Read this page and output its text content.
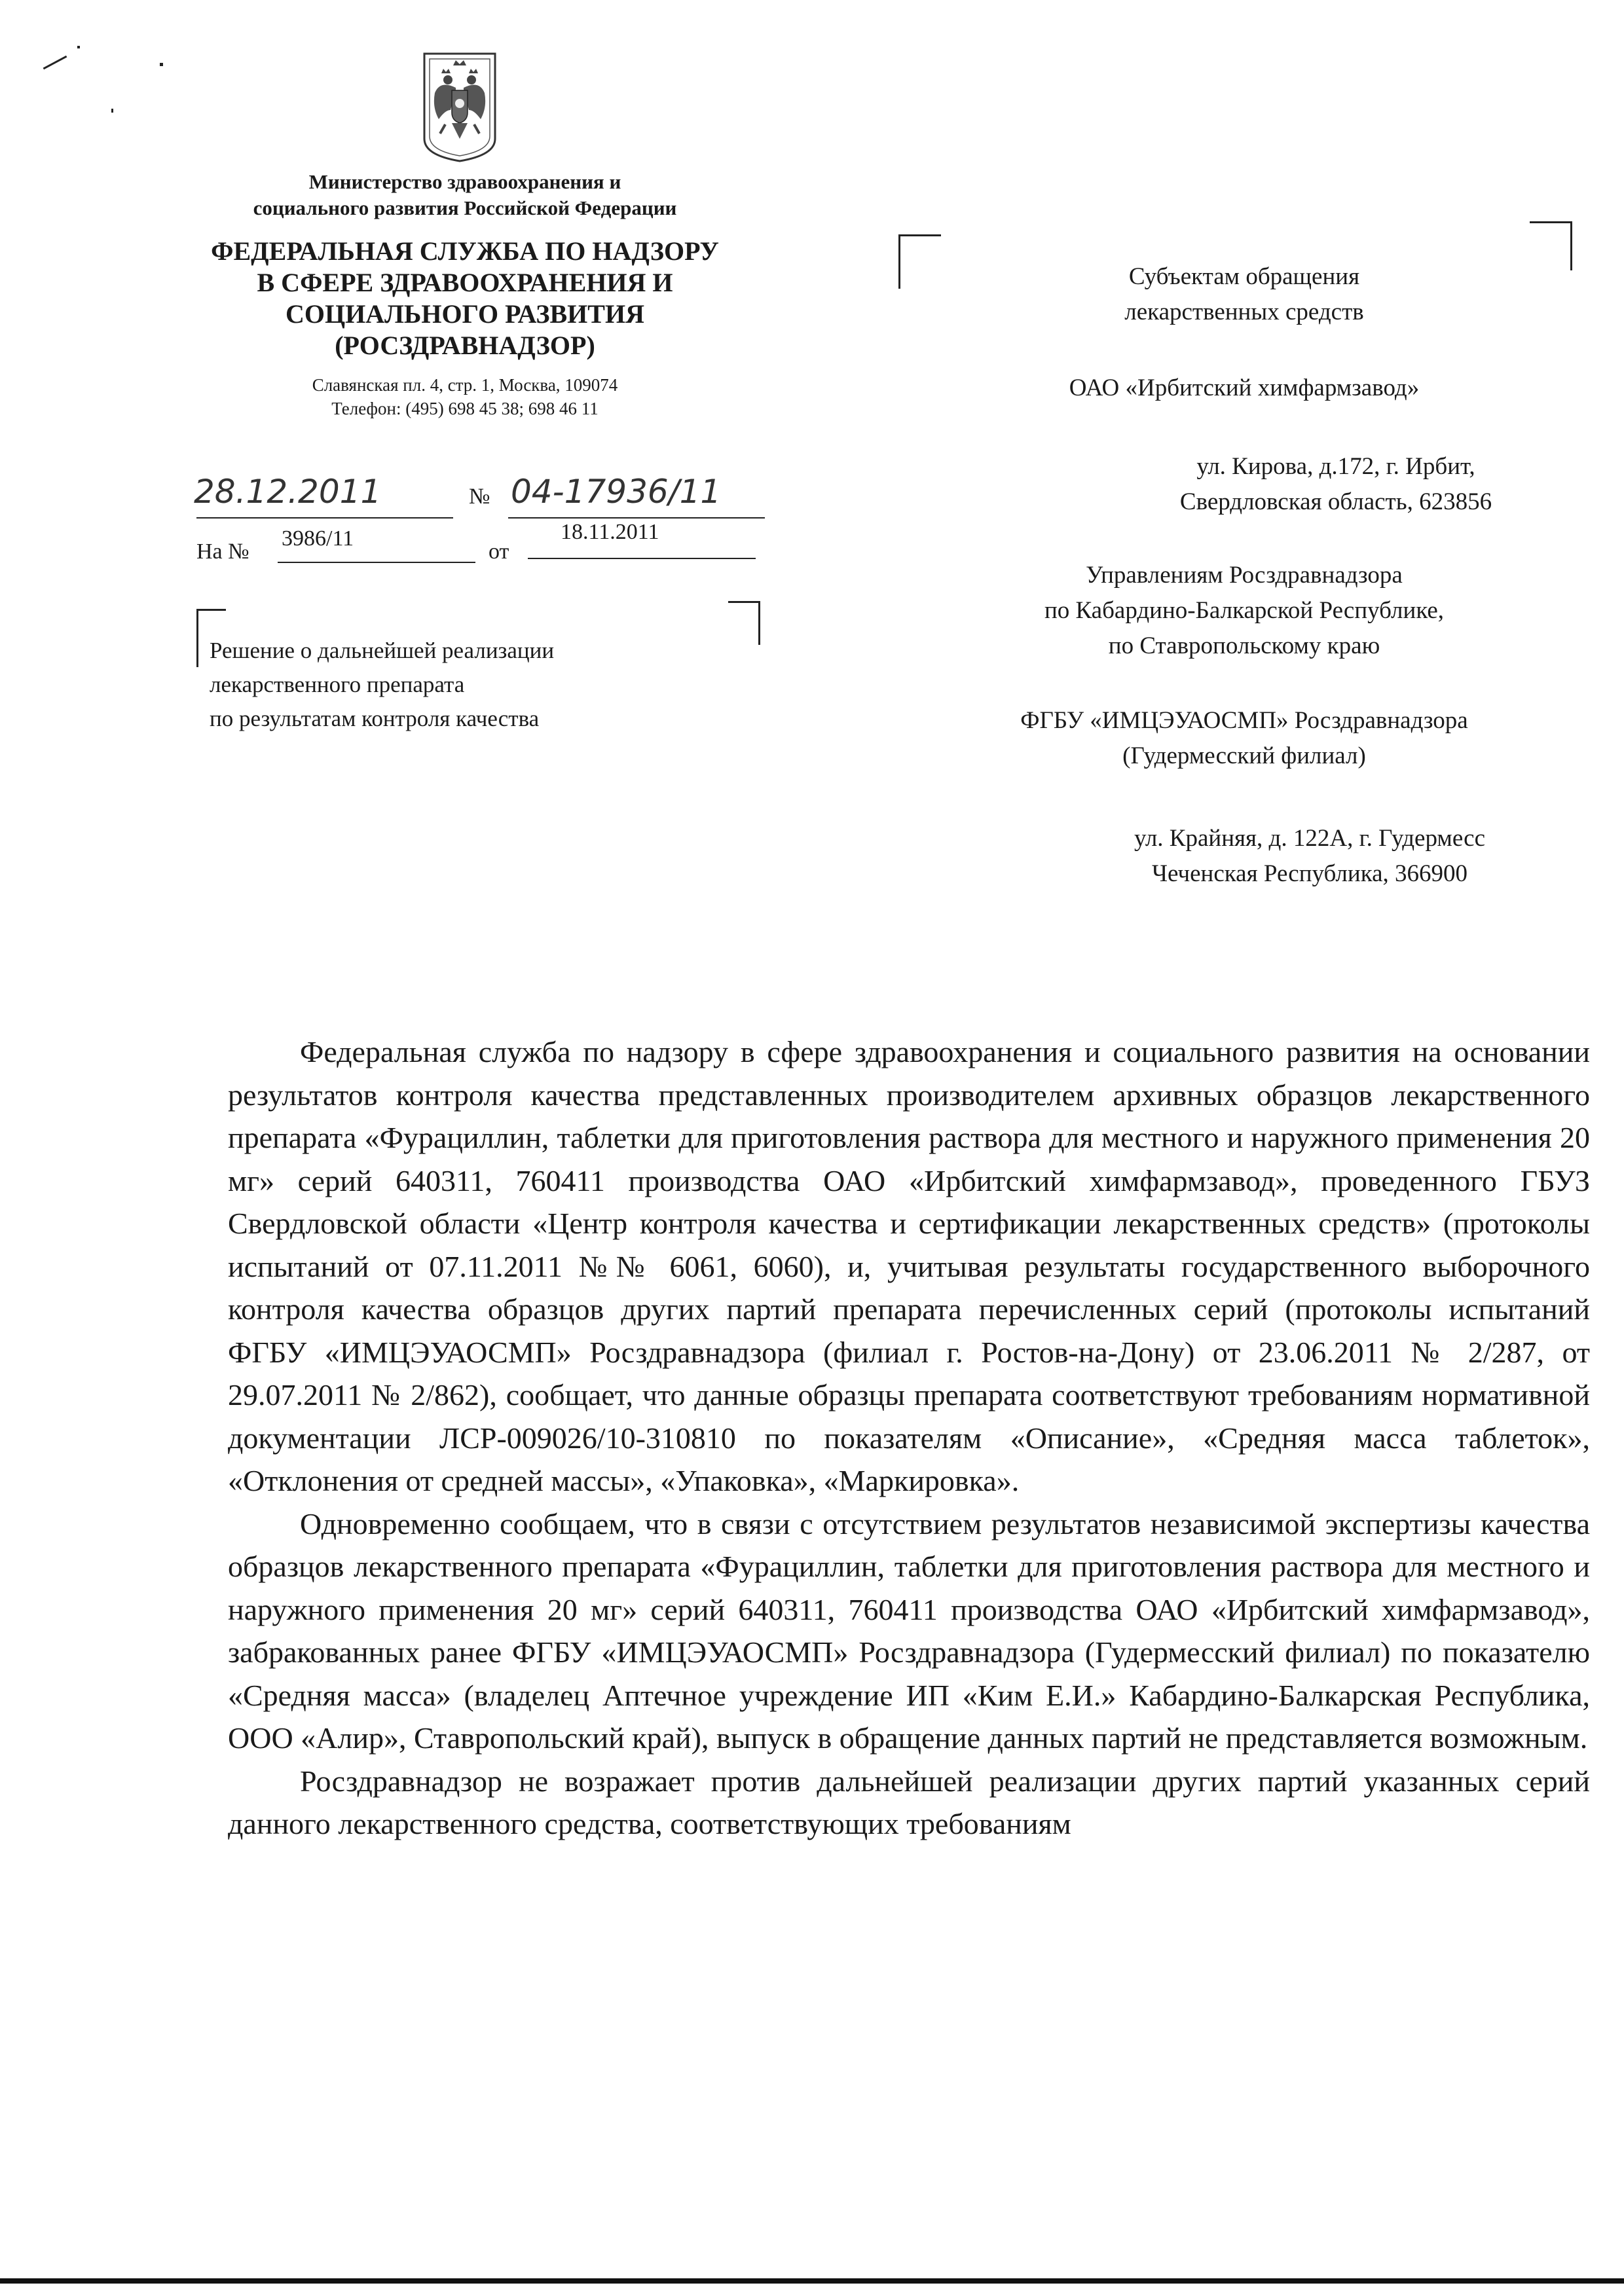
Министерство здравоохранения и
социального развития Российской Федерации
ФЕДЕРАЛЬНАЯ СЛУЖБА ПО НАДЗОРУ
В СФЕРЕ ЗДРАВООХРАНЕНИЯ И
СОЦИАЛЬНОГО РАЗВИТИЯ
(РОСЗДРАВНАДЗОР)
Славянская пл. 4, стр. 1, Москва, 109074
Телефон: (495) 698 45 38; 698 46 11
28.12.2011	№ 04-17936/11
На №
3986/11
от
18.11.2011
Решение о дальнейшей реализации
лекарственного препарата
по результатам контроля качества
Субъектам обращения
лекарственных средств
ОАО «Ирбитский химфармзавод»
ул. Кирова, д.172, г. Ирбит,
Свердловская область, 623856
Управлениям Росздравнадзора
по Кабардино-Балкарской Республике,
по Ставропольскому краю
ФГБУ «ИМЦЭУАОСМП» Росздравнадзора
(Гудермесский филиал)
ул. Крайняя, д. 122А, г. Гудермесс
Чеченская Республика, 366900

Федеральная служба по надзору в сфере здравоохранения и социального развития на основании результатов контроля качества представленных производителем архивных образцов лекарственного препарата «Фурациллин, таблетки для приготовления раствора для местного и наружного применения 20 мг» серий 640311, 760411 производства ОАО «Ирбитский химфармзавод», проведенного ГБУЗ Свердловской области «Центр контроля качества и сертификации лекарственных средств» (протоколы испытаний от 07.11.2011 №№ 6061, 6060), и, учитывая результаты государственного выборочного контроля качества образцов других партий препарата перечисленных серий (протоколы испытаний ФГБУ «ИМЦЭУАОСМП» Росздравнадзора (филиал г. Ростов-на-Дону) от 23.06.2011 № 2/287, от 29.07.2011 № 2/862), сообщает, что данные образцы препарата соответствуют требованиям нормативной документации ЛСР-009026/10-310810 по показателям «Описание», «Средняя масса таблеток», «Отклонения от средней массы», «Упаковка», «Маркировка».

Одновременно сообщаем, что в связи с отсутствием результатов независимой экспертизы качества образцов лекарственного препарата «Фурациллин, таблетки для приготовления раствора для местного и наружного применения 20 мг» серий 640311, 760411 производства ОАО «Ирбитский химфармзавод», забракованных ранее ФГБУ «ИМЦЭУАОСМП» Росздравнадзора (Гудермесский филиал) по показателю «Средняя масса» (владелец Аптечное учреждение ИП «Ким Е.И.» Кабардино-Балкарская Республика, ООО «Алир», Ставропольский край), выпуск в обращение данных партий не представляется возможным.

Росздравнадзор не возражает против дальнейшей реализации других партий указанных серий данного лекарственного средства, соответствующих требованиям
